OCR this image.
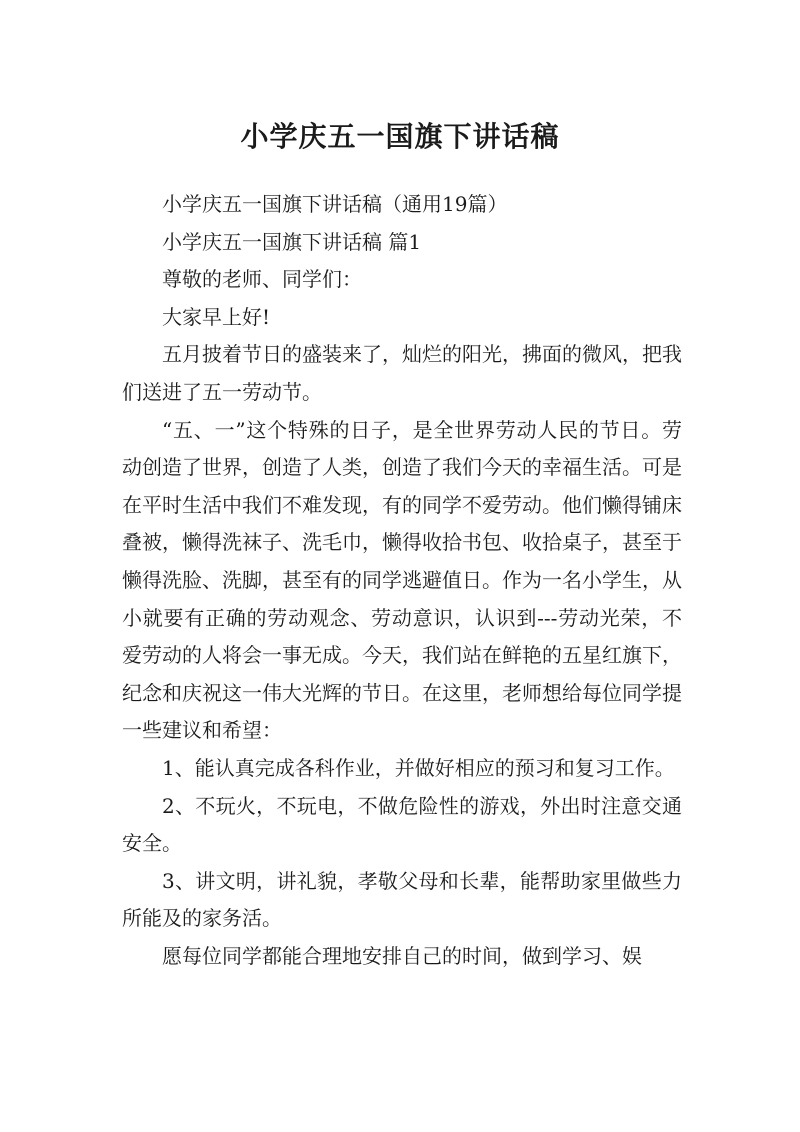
小学庆五一国旗下讲话稿

小学庆五一国旗下讲话稿（通用19篇）

小学庆五一国旗下讲话稿 篇1

尊敬的老师、同学们：

大家早上好!

五月披着节日的盛装来了，灿烂的阳光，拂面的微风，把我们送进了五一劳动节。

“五、一”这个特殊的日子，是全世界劳动人民的节日。劳动创造了世界，创造了人类，创造了我们今天的幸福生活。可是在平时生活中我们不难发现，有的同学不爱劳动。他们懒得铺床叠被，懒得洗袜子、洗毛巾，懒得收拾书包、收拾桌子，甚至于懒得洗脸、洗脚，甚至有的同学逃避值日。作为一名小学生，从小就要有正确的劳动观念、劳动意识，认识到---劳动光荣，不爱劳动的人将会一事无成。今天，我们站在鲜艳的五星红旗下，纪念和庆祝这一伟大光辉的节日。在这里，老师想给每位同学提一些建议和希望：

1、能认真完成各科作业，并做好相应的预习和复习工作。

2、不玩火，不玩电，不做危险性的游戏，外出时注意交通安全。

3、讲文明，讲礼貌，孝敬父母和长辈，能帮助家里做些力所能及的家务活。

愿每位同学都能合理地安排自己的时间，做到学习、娱
